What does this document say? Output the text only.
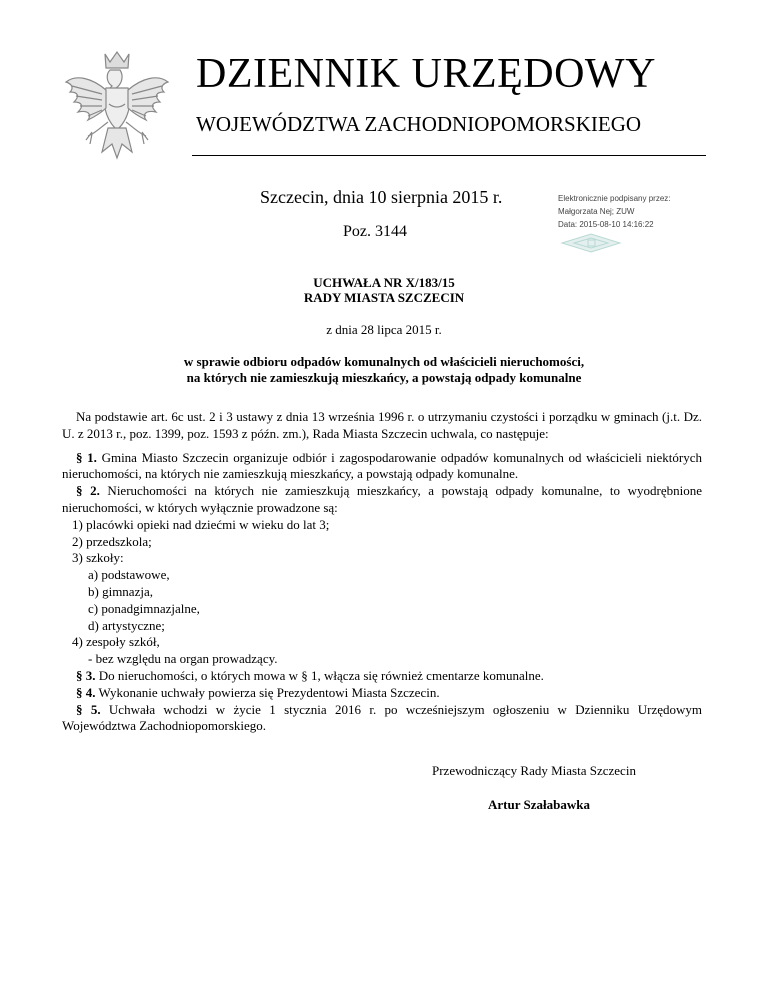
DZIENNIK URZĘDOWY
WOJEWÓDZTWA ZACHODNIOPOMORSKIEGO
Szczecin, dnia 10 sierpnia 2015 r.
Poz. 3144
Elektronicznie podpisany przez:
Małgorzata Nej; ZUW
Data: 2015-08-10 14:16:22
UCHWAŁA NR X/183/15
RADY MIASTA SZCZECIN
z dnia 28 lipca 2015 r.
w sprawie odbioru odpadów komunalnych od właścicieli nieruchomości,
na których nie zamieszkują mieszkańcy, a powstają odpady komunalne

Na podstawie art. 6c ust. 2 i 3 ustawy z dnia 13 września 1996 r. o utrzymaniu czystości i porządku w gminach (j.t. Dz. U. z 2013 r., poz. 1399, poz. 1593 z późn. zm.), Rada Miasta Szczecin uchwala, co następuje:

§ 1. Gmina Miasto Szczecin organizuje odbiór i zagospodarowanie odpadów komunalnych od właścicieli niektórych nieruchomości, na których nie zamieszkują mieszkańcy, a powstają odpady komunalne.

§ 2. Nieruchomości na których nie zamieszkują mieszkańcy, a powstają odpady komunalne, to wyodrębnione nieruchomości, w których wyłącznie prowadzone są:

1) placówki opieki nad dziećmi w wieku do lat 3;

2) przedszkola;

3) szkoły:

a) podstawowe,

b) gimnazja,

c) ponadgimnazjalne,

d) artystyczne;

4) zespoły szkół,

- bez względu na organ prowadzący.

§ 3. Do nieruchomości, o których mowa w § 1, włącza się również cmentarze komunalne.

§ 4. Wykonanie uchwały powierza się Prezydentowi Miasta Szczecin.

§ 5. Uchwała wchodzi w życie 1 stycznia 2016 r. po wcześniejszym ogłoszeniu w Dzienniku Urzędowym Województwa Zachodniopomorskiego.

Przewodniczący Rady Miasta Szczecin
Artur Szałabawka
